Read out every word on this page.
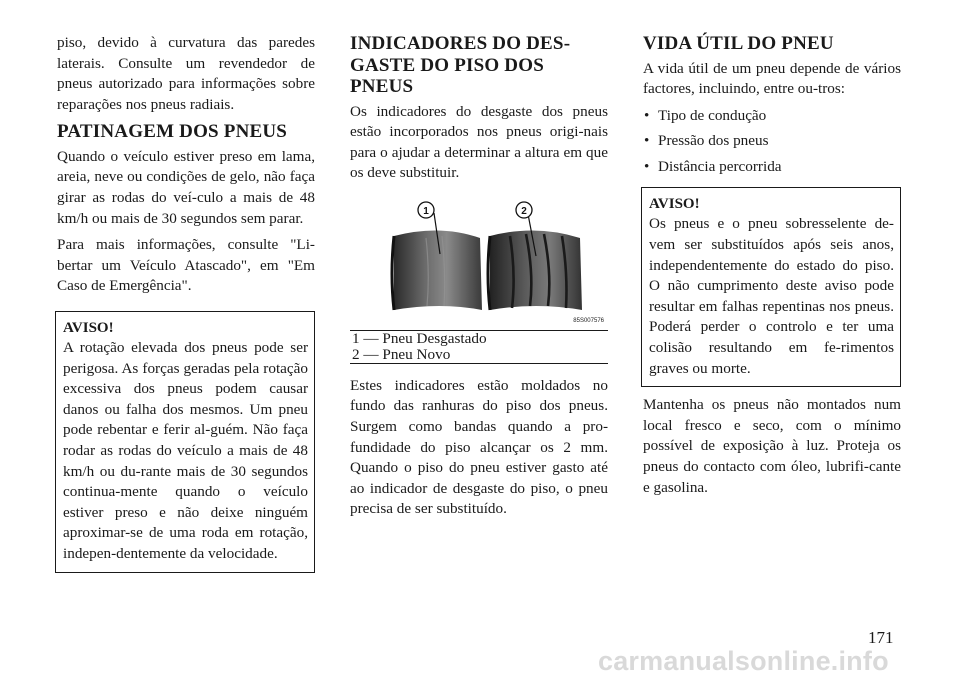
piso, devido à curvatura das paredes laterais. Consulte um revendedor de pneus autorizado para informações sobre reparações nos pneus radiais.

PATINAGEM DOS PNEUS

Quando o veículo estiver preso em lama, areia, neve ou condições de gelo, não faça girar as rodas do veí-culo a mais de 48 km/h ou mais de 30 segundos sem parar.

Para mais informações, consulte "Li-bertar um Veículo Atascado", em "Em Caso de Emergência".

AVISO!

A rotação elevada dos pneus pode ser perigosa. As forças geradas pela rotação excessiva dos pneus podem causar danos ou falha dos mesmos. Um pneu pode rebentar e ferir al-guém. Não faça rodar as rodas do veículo a mais de 48 km/h ou du-rante mais de 30 segundos continua-mente quando o veículo estiver preso e não deixe ninguém aproximar-se de uma roda em rotação, indepen-dentemente da velocidade.

INDICADORES DO DES-GASTE DO PISO DOS PNEUS

Os indicadores do desgaste dos pneus estão incorporados nos pneus origi-nais para o ajudar a determinar a altura em que os deve substituir.

1	2
85S007576
1 — Pneu Desgastado
2 — Pneu Novo

Estes indicadores estão moldados no fundo das ranhuras do piso dos pneus. Surgem como bandas quando a pro-fundidade do piso alcançar os 2 mm. Quando o piso do pneu estiver gasto até ao indicador de desgaste do piso, o pneu precisa de ser substituído.

VIDA ÚTIL DO PNEU

A vida útil de um pneu depende de vários factores, incluindo, entre ou-tros:

• Tipo de condução
• Pressão dos pneus
• Distância percorrida
AVISO!

Os pneus e o pneu sobresselente de-vem ser substituídos após seis anos, independentemente do estado do piso. O não cumprimento deste aviso pode resultar em falhas repentinas nos pneus. Poderá perder o controlo e ter uma colisão resultando em fe-rimentos graves ou morte.

Mantenha os pneus não montados num local fresco e seco, com o mínimo possível de exposição à luz. Proteja os pneus do contacto com óleo, lubrifi-cante e gasolina.

171
carmanualsonline.info
